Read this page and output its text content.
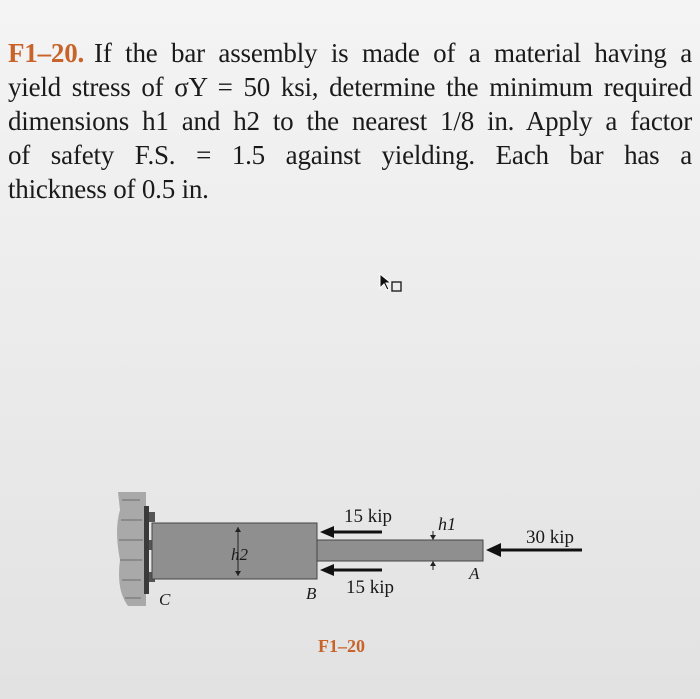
F1–20. If the bar assembly is made of a material having a
yield stress of σY = 50 ksi, determine the minimum required
dimensions h1 and h2 to the nearest 1/8 in. Apply a factor
of safety F.S. = 1.5 against yielding. Each bar has a
thickness of 0.5 in.
15 kip
15 kip
30 kip
h1
h2
A
B
C
F1–20
